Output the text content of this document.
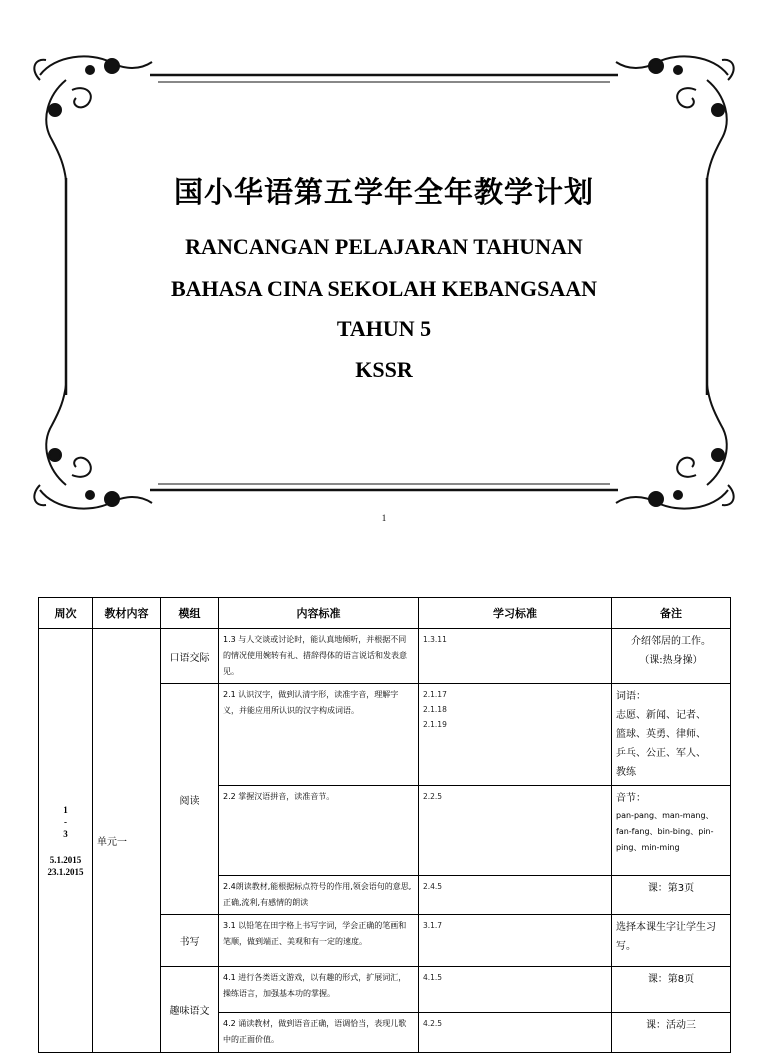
国小华语第五学年全年教学计划
RANCANGAN PELAJARAN TAHUNAN
BAHASA CINA SEKOLAH KEBANGSAAN
TAHUN 5
KSSR
1
周次	教材内容	模组	内容标准	学习标准	备注

1
-
3
5.1.2015
23.1.2015	单元一	口语交际	1.3 与人交谈或讨论时，能认真地倾听，并根据不同的情况使用婉转有礼、措辞得体的语言说话和发表意见。	1.3.11	介绍邻居的工作。
（课:热身操）

		阅读	2.1 认识汉字，做到认清字形，读准字音，理解字义，并能应用所认识的汉字构成词语。	2.1.17
2.1.18
2.1.19	词语：
志愿、新闻、记者、
篮球、英勇、律师、
乒乓、公正、军人、
教练

			2.2 掌握汉语拼音，读准音节。	2.2.5	音节：
pan-pang、man-mang、fan-fang、bin-bing、pin-ping、min-ming

			2.4朗读教材,能根据标点符号的作用,领会语句的意思,正确,流利,有感情的朗读	2.4.5	课：第3页

		书写	3.1 以铅笔在田字格上书写字词，学会正确的笔画和笔顺，做到端正、美观和有一定的速度。	3.1.7	选择本课生字让学生习写。

		趣味语文	4.1 进行各类语文游戏，以有趣的形式，扩展词汇，操练语言，加强基本功的掌握。	4.1.5	课：第8页

			4.2 诵读教材，做到语音正确，语调恰当，表现儿歌中的正面价值。	4.2.5	课：活动三
